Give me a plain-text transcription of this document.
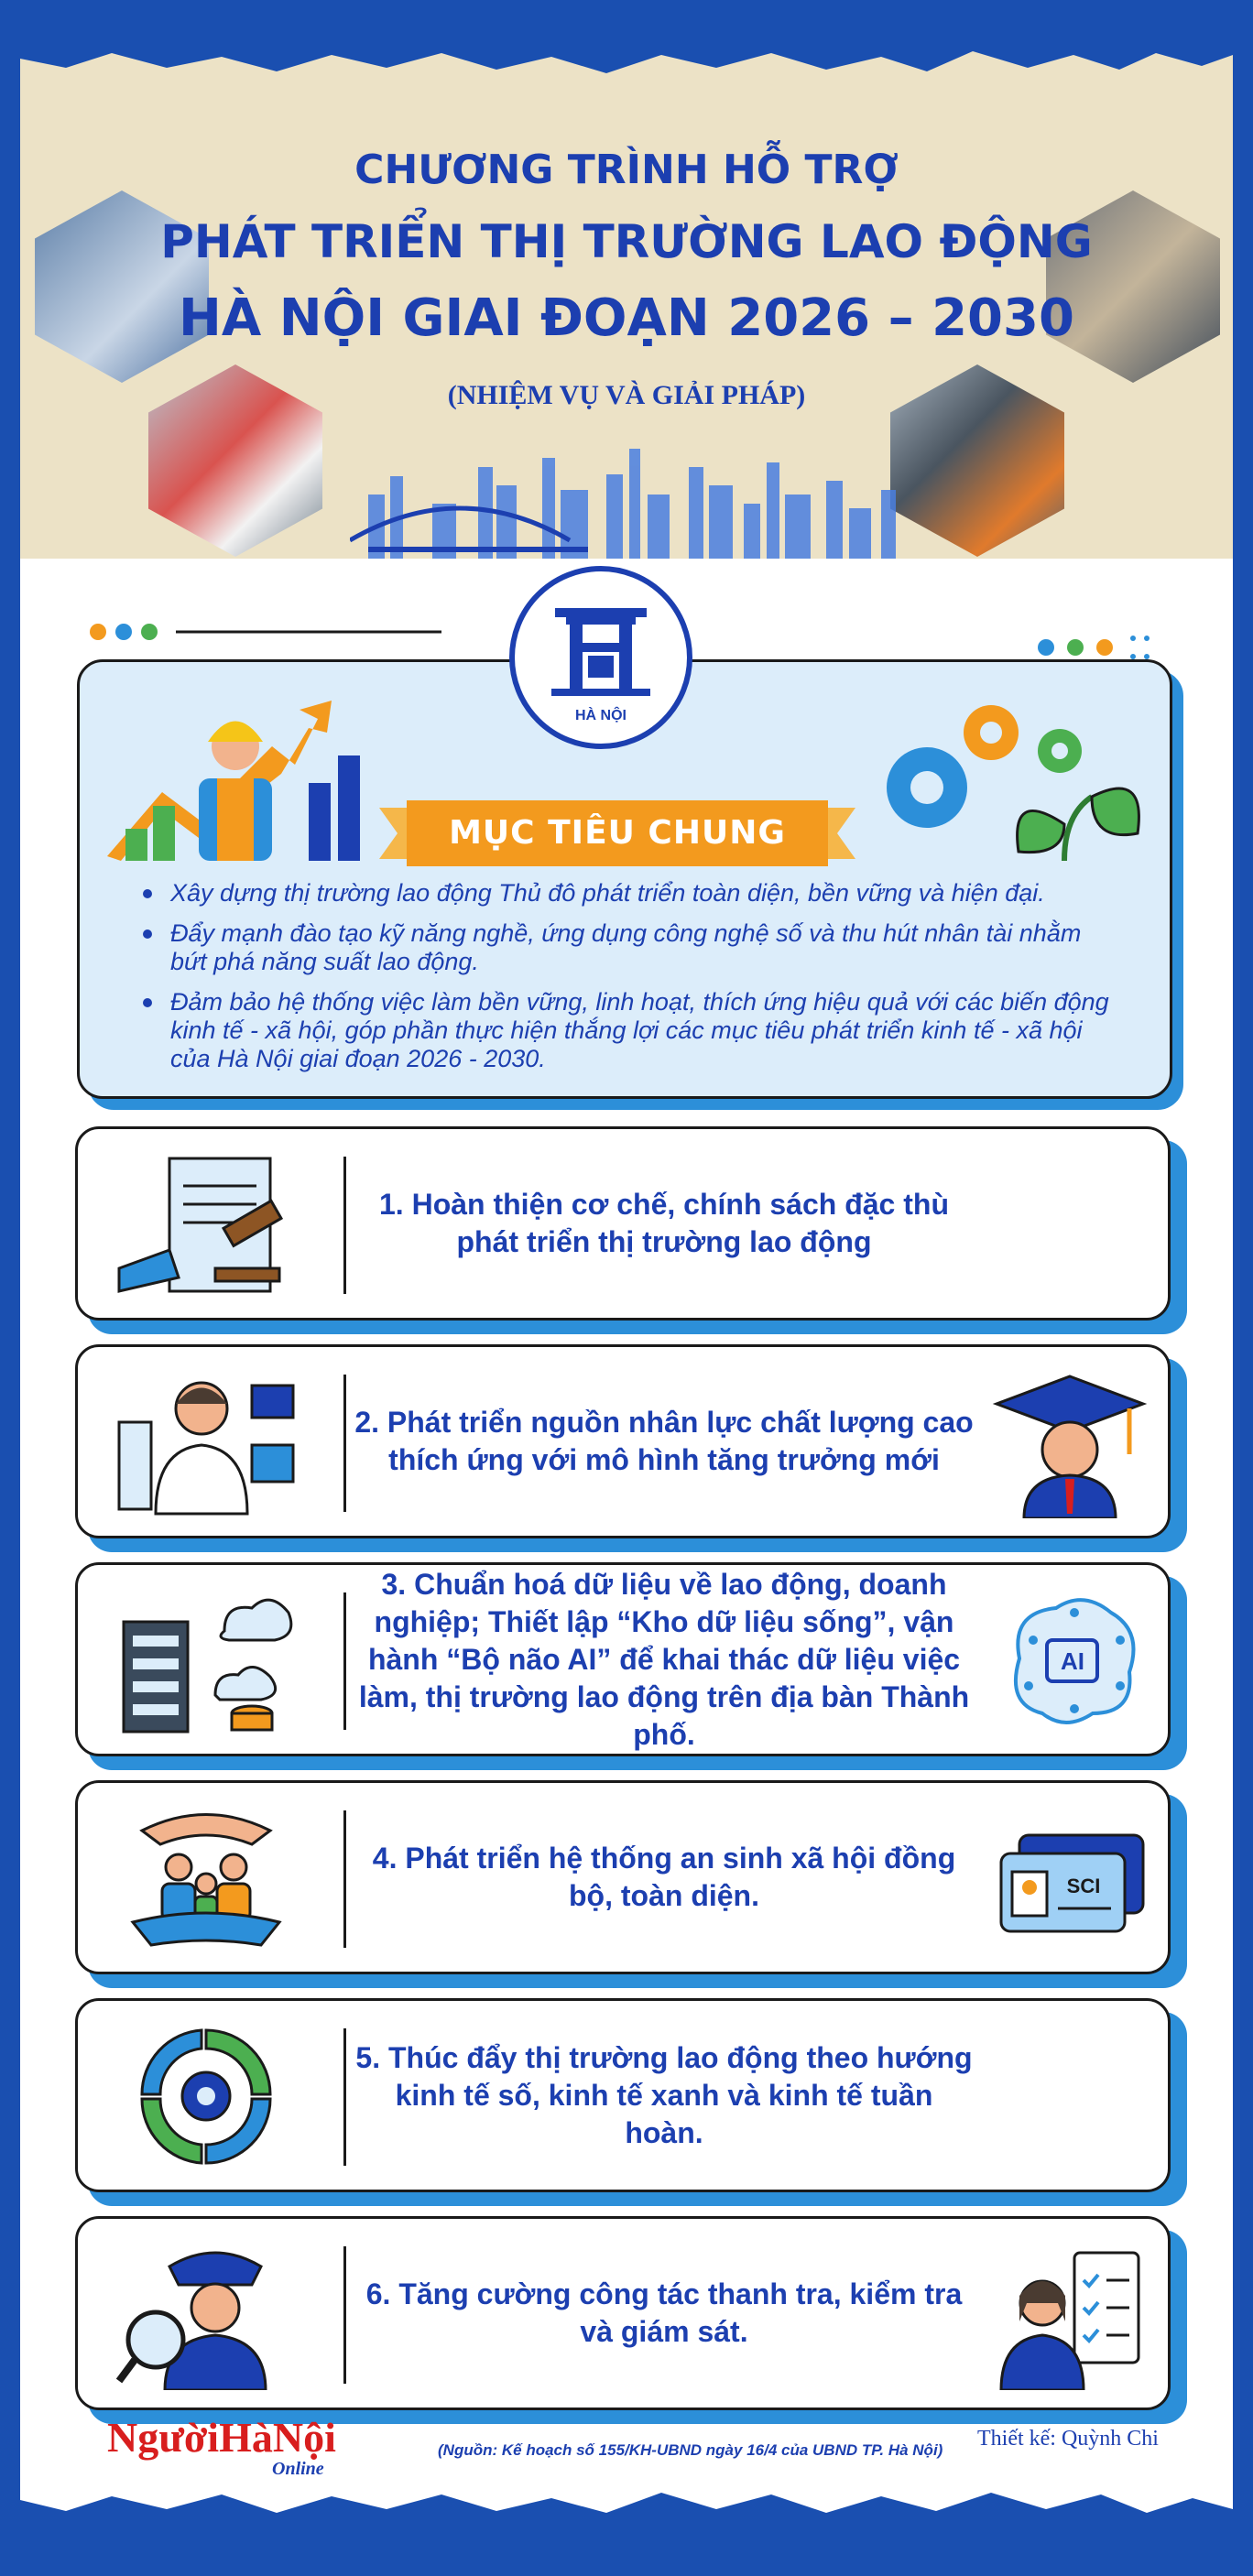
CHƯƠNG TRÌNH HỖ TRỢ
PHÁT TRIỂN THỊ TRƯỜNG LAO ĐỘNG
HÀ NỘI GIAI ĐOẠN 2026 – 2030
(NHIỆM VỤ VÀ GIẢI PHÁP)
HÀ NỘI
MỤC TIÊU CHUNG
Xây dựng thị trường lao động Thủ đô phát triển toàn diện, bền vững và hiện đại.
Đẩy mạnh đào tạo kỹ năng nghề, ứng dụng công nghệ số và thu hút nhân tài nhằm bứt phá năng suất lao động.
Đảm bảo hệ thống việc làm bền vững, linh hoạt, thích ứng hiệu quả với các biến động kinh tế - xã hội, góp phần thực hiện thắng lợi các mục tiêu phát triển kinh tế - xã hội của Hà Nội giai đoạn 2026 - 2030.
1. Hoàn thiện cơ chế, chính sách đặc thù phát triển thị trường lao động
2. Phát triển nguồn nhân lực chất lượng cao thích ứng với mô hình tăng trưởng mới
3. Chuẩn hoá dữ liệu về lao động, doanh nghiệp; Thiết lập “Kho dữ liệu sống”, vận hành “Bộ não AI” để khai thác dữ liệu việc làm, thị trường lao động trên địa bàn Thành phố.
AI
4. Phát triển hệ thống an sinh xã hội đồng bộ, toàn diện.	SCI
5. Thúc đẩy thị trường lao động theo hướng kinh tế số, kinh tế xanh và kinh tế tuần hoàn.
6. Tăng cường công tác thanh tra, kiểm tra và giám sát.
NgườiHàNội
Online
(Nguồn: Kế hoạch số 155/KH-UBND ngày 16/4 của UBND TP. Hà Nội) Thiết kế: Quỳnh Chi
